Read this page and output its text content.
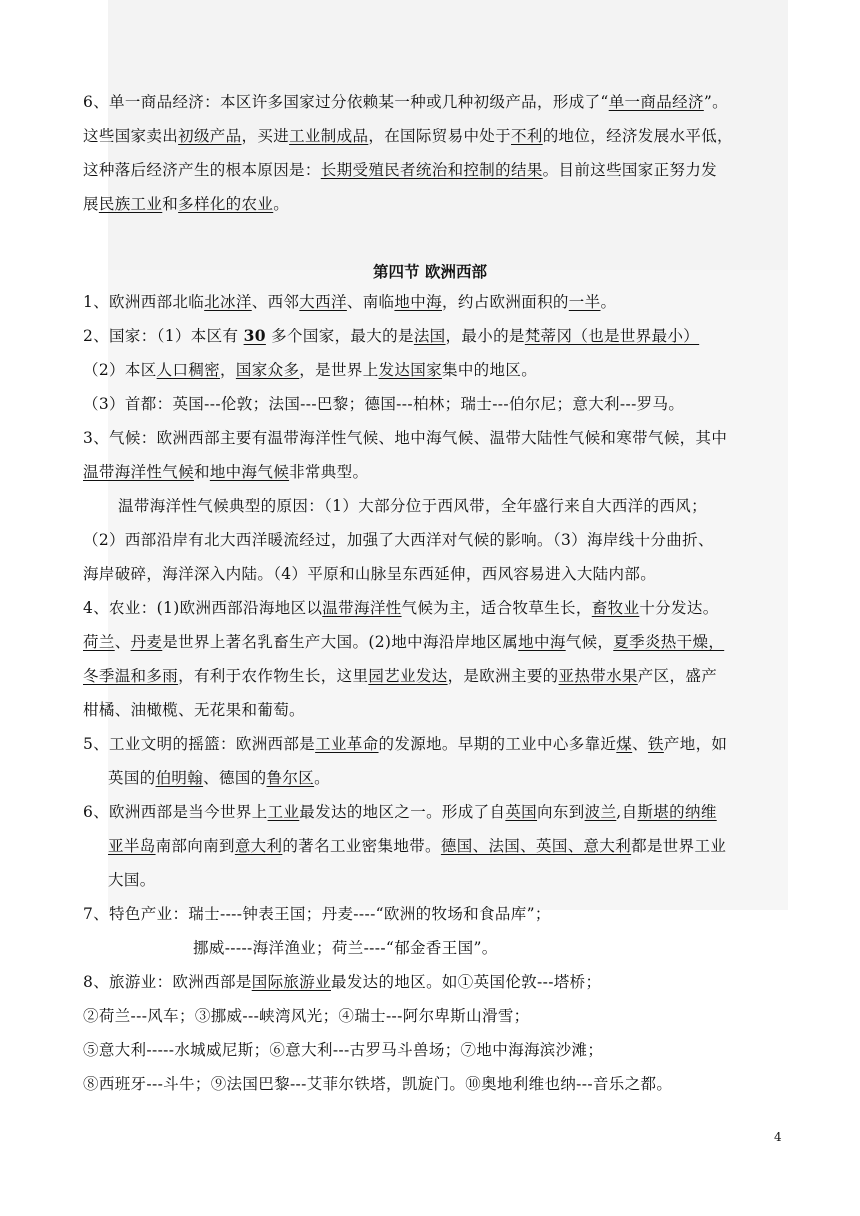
第四节 欧洲西部
6、单一商品经济：本区许多国家过分依赖某一种或几种初级产品，形成了“单一商品经济”。
这些国家卖出初级产品，买进工业制成品，在国际贸易中处于不利的地位，经济发展水平低，
这种落后经济产生的根本原因是：长期受殖民者统治和控制的结果。目前这些国家正努力发
展民族工业和多样化的农业。
1、欧洲西部北临北冰洋、西邻大西洋、南临地中海，约占欧洲面积的一半。
2、国家：（1）本区有 30 多个国家，最大的是法国，最小的是梵蒂冈（也是世界最小）
（2）本区人口稠密，国家众多，是世界上发达国家集中的地区。
（3）首都：英国---伦敦；法国---巴黎；德国---柏林；瑞士---伯尔尼；意大利---罗马。
3、气候：欧洲西部主要有温带海洋性气候、地中海气候、温带大陆性气候和寒带气候，其中
温带海洋性气候和地中海气候非常典型。
温带海洋性气候典型的原因：（1）大部分位于西风带，全年盛行来自大西洋的西风；
（2）西部沿岸有北大西洋暖流经过，加强了大西洋对气候的影响。（3）海岸线十分曲折、
海岸破碎，海洋深入内陆。（4）平原和山脉呈东西延伸，西风容易进入大陆内部。
4、农业：(1)欧洲西部沿海地区以温带海洋性气候为主，适合牧草生长，畜牧业十分发达。
荷兰、丹麦是世界上著名乳畜生产大国。(2)地中海沿岸地区属地中海气候，夏季炎热干燥，
冬季温和多雨，有利于农作物生长，这里园艺业发达，是欧洲主要的亚热带水果产区，盛产
柑橘、油橄榄、无花果和葡萄。
5、工业文明的摇篮：欧洲西部是工业革命的发源地。早期的工业中心多靠近煤、铁产地，如
英国的伯明翰、德国的鲁尔区。
6、欧洲西部是当今世界上工业最发达的地区之一。形成了自英国向东到波兰,自斯堪的纳维
亚半岛南部向南到意大利的著名工业密集地带。德国、法国、英国、意大利都是世界工业
大国。
7、特色产业：瑞士----钟表王国；丹麦----“欧洲的牧场和食品库”；
挪威-----海洋渔业；荷兰----“郁金香王国”。
8、旅游业：欧洲西部是国际旅游业最发达的地区。如①英国伦敦---塔桥；
②荷兰---风车；③挪威---峡湾风光；④瑞士---阿尔卑斯山滑雪；
⑤意大利-----水城威尼斯；⑥意大利---古罗马斗兽场；⑦地中海海滨沙滩；
⑧西班牙---斗牛；⑨法国巴黎---艾菲尔铁塔，凯旋门。⑩奥地利维也纳---音乐之都。
4
